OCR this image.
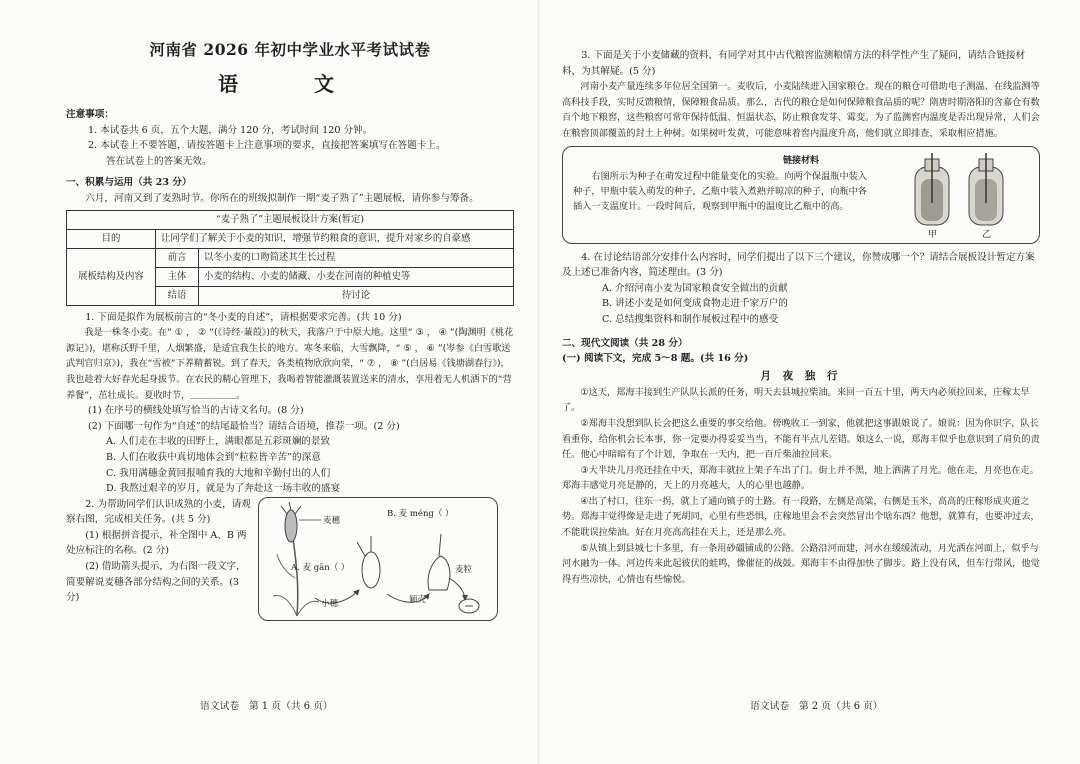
河南省 2026 年初中学业水平考试试卷

语　文

注意事项：

1. 本试卷共 6 页，五个大题，满分 120 分，考试时间 120 分钟。

2. 本试卷上不要答题，请按答题卡上注意事项的要求，直接把答案填写在答题卡上。

答在试卷上的答案无效。

一、积累与运用（共 23 分）

六月，河南又到了麦熟时节。你所在的班级拟制作一期“麦子熟了”主题展板，请你参与筹备。

“麦子熟了”主题展板设计方案(暂定)		
目的	让同学们了解关于小麦的知识，增强节约粮食的意识，提升对家乡的自豪感	
展板结构及内容	前言	以冬小麦的口吻简述其生长过程
	主体	小麦的结构、小麦的储藏、小麦在河南的种植史等
	结语	待讨论

1. 下面是拟作为展板前言的“冬小麦的自述”，请根据要求完善。(共 10 分)

我是一株冬小麦。在“ ① ， ② ”(《诗经·蒹葭》)的秋天，我落户于中原大地。这里“ ③ ， ④ ”(陶渊明《桃花源记》)，堪称沃野千里，人烟繁盛，是适宜我生长的地方。寒冬来临，大雪飘降，“ ⑤ ， ⑥ ”(岑参《白雪歌送武判官归京》)，我在“雪被”下养精蓄锐。到了春天，各类植物欣欣向荣，“ ⑦ ， ⑧ ”(白居易《钱塘湖春行》)，我也趁着大好春光起身拔节。在农民的精心管理下，我喝着智能灌溉装置送来的清水，享用着无人机洒下的“营养餐”，茁壮成长。夏收时节，＿＿＿＿＿。

(1) 在序号的横线处填写恰当的古诗文名句。(8 分)

(2) 下面哪一句作为“自述”的结尾最恰当？请结合语境，推荐一项。(2 分)

A. 人们走在丰收的田野上，满眼都是五彩斑斓的景致

B. 人们在收获中真切地体会到“粒粒皆辛苦”的深意

C. 我用满穗金黄回报哺育我的大地和辛勤付出的人们

D. 我熬过艰辛的岁月，就是为了奔赴这一场丰收的盛宴

2. 为帮助同学们认识成熟的小麦，请观察右图，完成相关任务。(共 5 分)

(1) 根据拼音提示，补全图中 A、B 两处应标注的名称。(2 分)

(2) 借助箭头提示，为右图一段文字，简要解说麦穗各部分结构之间的关系。(3 分)

麦穗
B. 麦 méng（ ）
A. 麦 gān（ ）
小穗	颖壳
麦粒

语文试卷　第 1 页（共 6 页）

3. 下面是关于小麦储藏的资料，有同学对其中古代粮窖监测粮情方法的科学性产生了疑问，请结合链接材料，为其解疑。(5 分)

河南小麦产量连续多年位居全国第一。麦收后，小麦陆续进入国家粮仓。现在的粮仓可借助电子测温、在线监测等高科技手段，实时反馈粮情，保障粮食品质。那么，古代的粮仓是如何保障粮食品质的呢？隋唐时期洛阳的含嘉仓有数百个地下粮窖，这些粮窖可常年保持低温、恒温状态，防止粮食发芽、霉变。为了监测窖内温度是否出现异常，人们会在粮窖顶部覆盖的封土上种树。如果树叶发黄，可能意味着窖内温度升高，他们就立即排查，采取相应措施。

链接材料

右图所示为种子在萌发过程中能量变化的实验。向两个保温瓶中装入种子，甲瓶中装入萌发的种子，乙瓶中装入煮熟并晾凉的种子，向瓶中各插入一支温度计。一段时间后，观察到甲瓶中的温度比乙瓶中的高。

甲	乙

4. 在讨论结语部分安排什么内容时，同学们提出了以下三个建议，你赞成哪一个？请结合展板设计暂定方案及上述已准备内容，简述理由。(3 分)

A. 介绍河南小麦为国家粮食安全做出的贡献

B. 讲述小麦是如何变成食物走进千家万户的

C. 总结搜集资料和制作展板过程中的感受

二、现代文阅读（共 28 分）

(一) 阅读下文，完成 5～8 题。(共 16 分)

月 夜 独 行

①这天，郑海丰接到生产队队长派的任务，明天去县城拉柴油。来回一百五十里，两天内必须拉回来，庄稼太旱了。

②郑海丰没想到队长会把这么重要的事交给他。傍晚收工一到家，他就把这事跟娘说了。娘说：因为你识字，队长看重你，给你机会长本事，你一定要办得妥妥当当，不能有半点儿差错。娘这么一说，郑海丰似乎也意识到了肩负的责任。他心中暗暗有了个计划，争取在一天内，把一百斤柴油拉回来。

③大半块儿月亮还挂在中天，郑海丰就拉上架子车出了门。街上并不黑，地上洒满了月光。他在走，月亮也在走。郑海丰感觉月亮是静的，天上的月亮越大，人的心里也越静。

④出了村口，往东一拐，就上了通向镇子的土路。有一段路，左侧是高粱，右侧是玉米，高高的庄稼形成夹道之势。郑海丰觉得像是走进了死胡同，心里有些恐惧，庄稼地里会不会突然冒出个啥东西？他想，就算有，也要冲过去，不能耽误拉柴油。好在月亮高高挂在天上，还是那么亮。

⑤从镇上到县城七十多里，有一条用砂礓铺成的公路。公路沿河而建，河水在缓缓流动，月光洒在河面上，似乎与河水融为一体。河边传来此起彼伏的蛙鸣，像催征的战鼓。郑海丰不由得加快了脚步。路上没有风，但车行带风，他觉得有些凉快，心情也有些愉悦。

语文试卷　第 2 页（共 6 页）
